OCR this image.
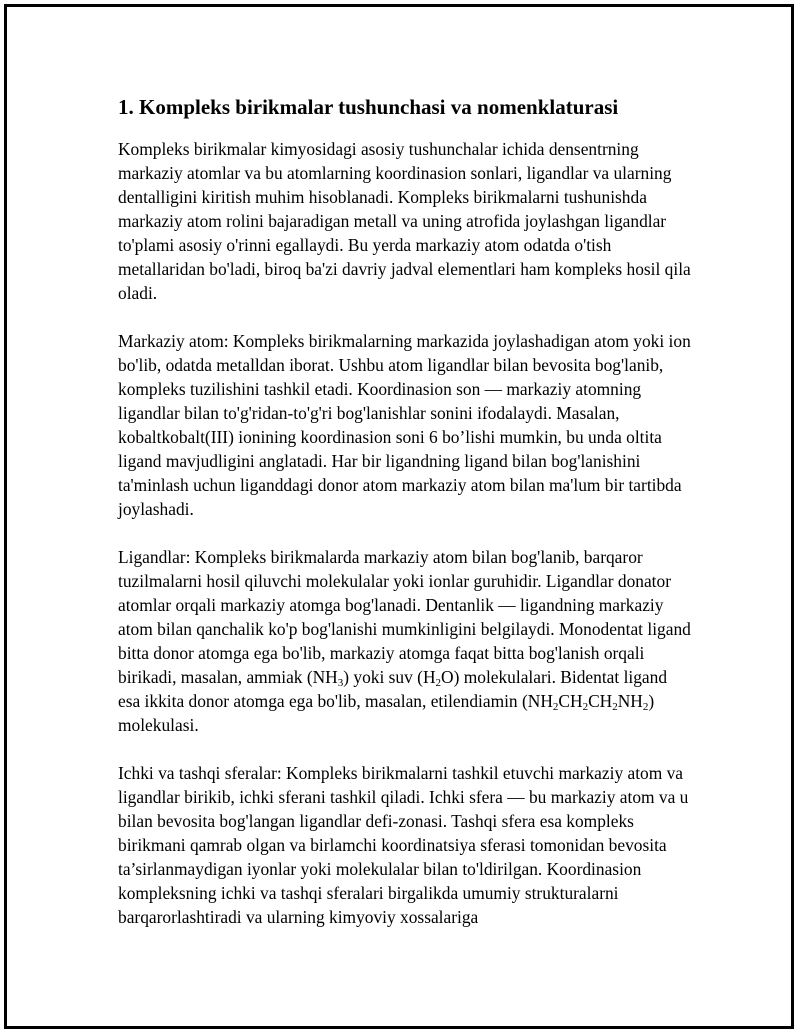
1. Kompleks birikmalar tushunchasi va nomenklaturasi

Kompleks birikmalar kimyosidagi asosiy tushunchalar ichida densentrning markaziy atomlar va bu atomlarning koordinasion sonlari, ligandlar va ularning dentalligini kiritish muhim hisoblanadi. Kompleks birikmalarni tushunishda markaziy atom rolini bajaradigan metall va uning atrofida joylashgan ligandlar to'plami asosiy o'rinni egallaydi. Bu yerda markaziy atom odatda o'tish metallaridan bo'ladi, biroq ba'zi davriy jadval elementlari ham kompleks hosil qila oladi.

Markaziy atom: Kompleks birikmalarning markazida joylashadigan atom yoki ion bo'lib, odatda metalldan iborat. Ushbu atom ligandlar bilan bevosita bog'lanib, kompleks tuzilishini tashkil etadi. Koordinasion son — markaziy atomning ligandlar bilan to'g'ridan-to'g'ri bog'lanishlar sonini ifodalaydi. Masalan, kobaltkobalt(III) ionining koordinasion soni 6 bo’lishi mumkin, bu unda oltita ligand mavjudligini anglatadi. Har bir ligandning ligand bilan bog'lanishini ta'minlash uchun liganddagi donor atom markaziy atom bilan ma'lum bir tartibda joylashadi.

Ligandlar: Kompleks birikmalarda markaziy atom bilan bog'lanib, barqaror tuzilmalarni hosil qiluvchi molekulalar yoki ionlar guruhidir. Ligandlar donator atomlar orqali markaziy atomga bog'lanadi. Dentanlik — ligandning markaziy atom bilan qanchalik ko'p bog'lanishi mumkinligini belgilaydi. Monodentat ligand bitta donor atomga ega bo'lib, markaziy atomga faqat bitta bog'lanish orqali birikadi, masalan, ammiak $(NH_3)$ yoki suv $(H_2O)$ molekulalari. Bidentat ligand esa ikkita donor atomga ega bo'lib, masalan, etilendiamin $(NH_2CH_2CH_2NH_2)$ molekulasi.

Ichki va tashqi sferalar: Kompleks birikmalarni tashkil etuvchi markaziy atom va ligandlar birikib, ichki sferani tashkil qiladi. Ichki sfera — bu markaziy atom va u bilan bevosita bog'langan ligandlar defi-zonasi. Tashqi sfera esa kompleks birikmani qamrab olgan va birlamchi koordinatsiya sferasi tomonidan bevosita ta’sirlanmaydigan iyonlar yoki molekulalar bilan to'ldirilgan. Koordinasion kompleksning ichki va tashqi sferalari birgalikda umumiy strukturalarni barqarorlashtiradi va ularning kimyoviy xossalariga
